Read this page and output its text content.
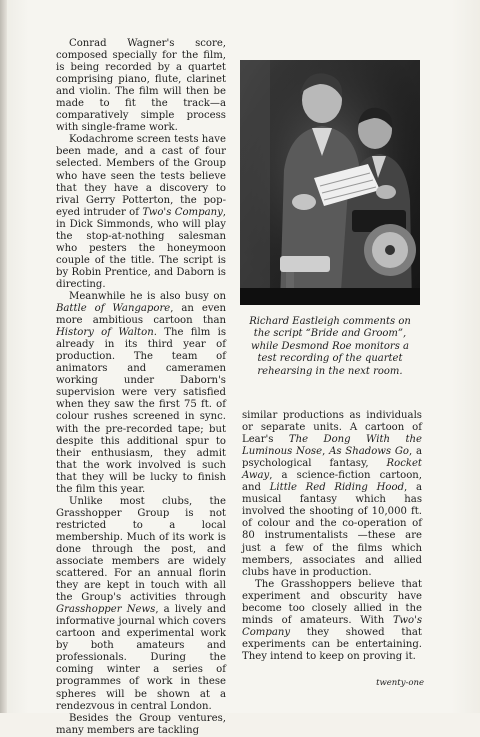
Conrad Wagner's score, composed specially for the film, is being recorded by a quartet comprising piano, flute, clarinet and violin. The film will then be made to fit the track—a comparatively simple process with single-frame work.

Kodachrome screen tests have been made, and a cast of four selected. Members of the Group who have seen the tests believe that they have a discovery to rival Gerry Potterton, the pop-eyed intruder of Two's Company, in Dick Simmonds, who will play the stop-at-nothing salesman who pesters the honeymoon couple of the title. The script is by Robin Prentice, and Daborn is directing.

Meanwhile he is also busy on Battle of Wangapore, an even more ambitious cartoon than History of Walton. The film is already in its third year of production. The team of animators and cameramen working under Daborn's supervision were very satisfied when they saw the first 75 ft. of colour rushes screened in sync. with the pre-recorded tape; but despite this additional spur to their enthusiasm, they admit that the work involved is such that they will be lucky to finish the film this year.

Unlike most clubs, the Grasshopper Group is not restricted to a local membership. Much of its work is done through the post, and associate members are widely scattered. For an annual florin they are kept in touch with all the Group's activities through Grasshopper News, a lively and informative journal which covers cartoon and experimental work by both amateurs and professionals. During the coming winter a series of programmes of work in these spheres will be shown at a rendezvous in central London.

Besides the Group ventures, many members are tackling

Richard Eastleigh comments on the script “Bride and Groom”, while Desmond Roe monitors a test recording of the quartet rehearsing in the next room.

similar productions as individuals or separate units. A cartoon of Lear's The Dong With the Luminous Nose, As Shadows Go, a psychological fantasy, Rocket Away, a science-fiction cartoon, and Little Red Riding Hood, a musical fantasy which has involved the shooting of 10,000 ft. of colour and the co-operation of 80 instrumentalists —these are just a few of the films which members, associates and allied clubs have in production.

The Grasshoppers believe that experiment and obscurity have become too closely allied in the minds of amateurs. With Two's Company they showed that experiments can be entertaining. They intend to keep on proving it.

twenty-one
